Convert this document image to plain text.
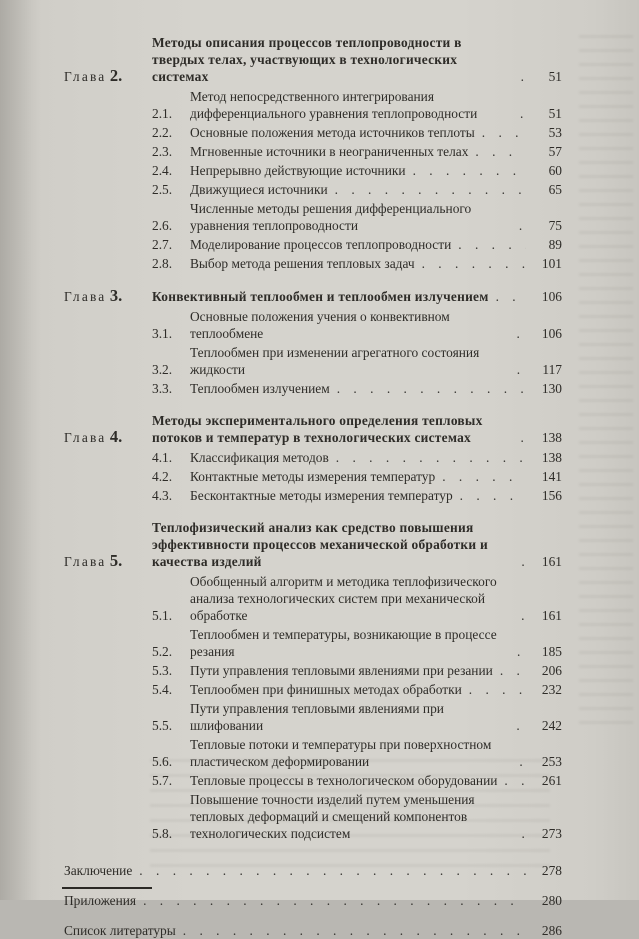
Глава 2.
Методы описания процессов теплопроводности в твердых телах, участвующих в технологических системах . . .	51
2.1.
Метод непосредственного интегрирования дифференциального уравнения теплопроводности . . .	51
2.2.	Основные положения метода источников теплоты . . .	53
2.3.	Мгновенные источники в неограниченных телах . . .	57
2.4.	Непрерывно действующие источники . . .	60
2.5.	Движущиеся источники . . .	65
2.6.
Численные методы решения дифференциального уравнения теплопроводности . . .	75
2.7.	Моделирование процессов теплопроводности . . .	89
2.8.	Выбор метода решения тепловых задач . . .	101
Глава 3.	Конвективный теплообмен и теплообмен излучением . . .	106
3.1.
Основные положения учения о конвективном теплообмене . . .	106
3.2.
Теплообмен при изменении агрегатного состояния жидкости . . .	117
3.3.	Теплообмен излучением . . .	130
Глава 4.
Методы экспериментального определения тепловых потоков и температур в технологических системах . . .	138
4.1.	Классификация методов . . .	138
4.2.	Контактные методы измерения температур . . .	141
4.3.	Бесконтактные методы измерения температур . . .	156
Глава 5.
Теплофизический анализ как средство повышения эффективности процессов механической обработки и качества изделий . . .	161
5.1.
Обобщенный алгоритм и методика теплофизического анализа технологических систем при механической обработке . . .	161
5.2.
Теплообмен и температуры, возникающие в процессе резания . . .	185
5.3.	Пути управления тепловыми явлениями при резании . . .	206
5.4.	Теплообмен при финишных методах обработки . . .	232
5.5.
Пути управления тепловыми явлениями при шлифовании . . .	242
5.6.
Тепловые потоки и температуры при поверхностном пластическом деформировании . . .	253
5.7.	Тепловые процессы в технологическом оборудовании . . .	261
5.8.
Повышение точности изделий путем уменьшения тепловых деформаций и смещений компонентов технологических подсистем . . .	273
Заключение . . .	278
Приложения . . .	280
Список литературы . . .	286
